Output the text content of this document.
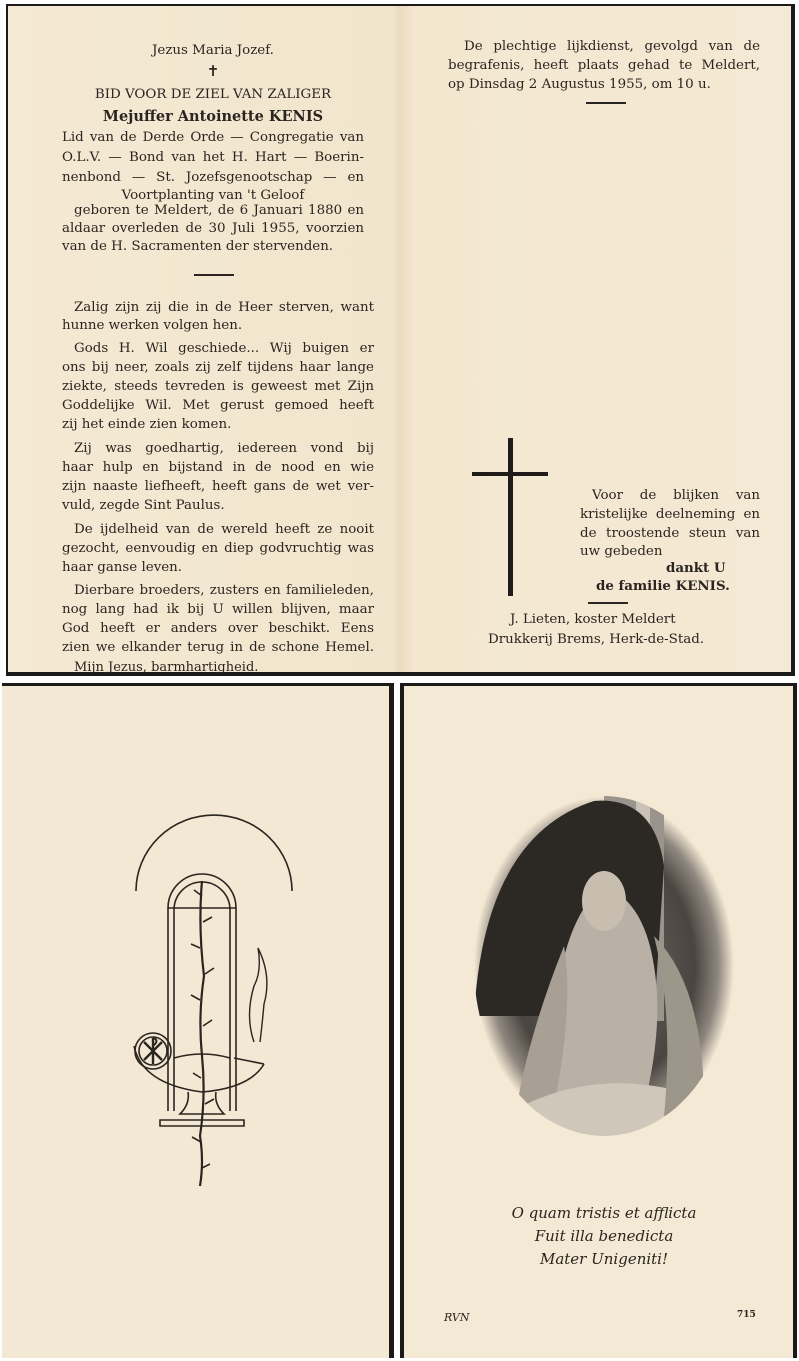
Jezus Maria Jozef.
✝
BID VOOR DE ZIEL VAN ZALIGER
Mejuffer Antoinette KENIS
Lid van de Derde Orde — Congregatie van
O.L.V. — Bond van het H. Hart — Boerin-
nenbond — St. Jozefsgenootschap — en
Voortplanting van 't Geloof
geboren te Meldert, de 6 Januari 1880 en
aldaar overleden de 30 Juli 1955, voorzien
van de H. Sacramenten der stervenden.
Zalig zijn zij die in de Heer sterven, want
hunne werken volgen hen.
Gods H. Wil geschiede... Wij buigen er
ons bij neer, zoals zij zelf tijdens haar lange
ziekte, steeds tevreden is geweest met Zijn
Goddelijke Wil. Met gerust gemoed heeft
zij het einde zien komen.
Zij was goedhartig, iedereen vond bij
haar hulp en bijstand in de nood en wie
zijn naaste liefheeft, heeft gans de wet ver-
vuld, zegde Sint Paulus.
De ijdelheid van de wereld heeft ze nooit
gezocht, eenvoudig en diep godvruchtig was
haar ganse leven.
Dierbare broeders, zusters en familieleden,
nog lang had ik bij U willen blijven, maar
God heeft er anders over beschikt. Eens
zien we elkander terug in de schone Hemel.
Mijn Jezus, barmhartigheid.
De plechtige lijkdienst, gevolgd van de
begrafenis, heeft plaats gehad te Meldert,
op Dinsdag 2 Augustus 1955, om 10 u.
Voor de blijken van
kristelijke deelneming en
de troostende steun van
uw gebeden
dankt U
de familie KENIS.
J. Lieten, koster Meldert
Drukkerij Brems, Herk-de-Stad.
O quam tristis et afflicta
Fuit illa benedicta
Mater Unigeniti!
RVN	715
